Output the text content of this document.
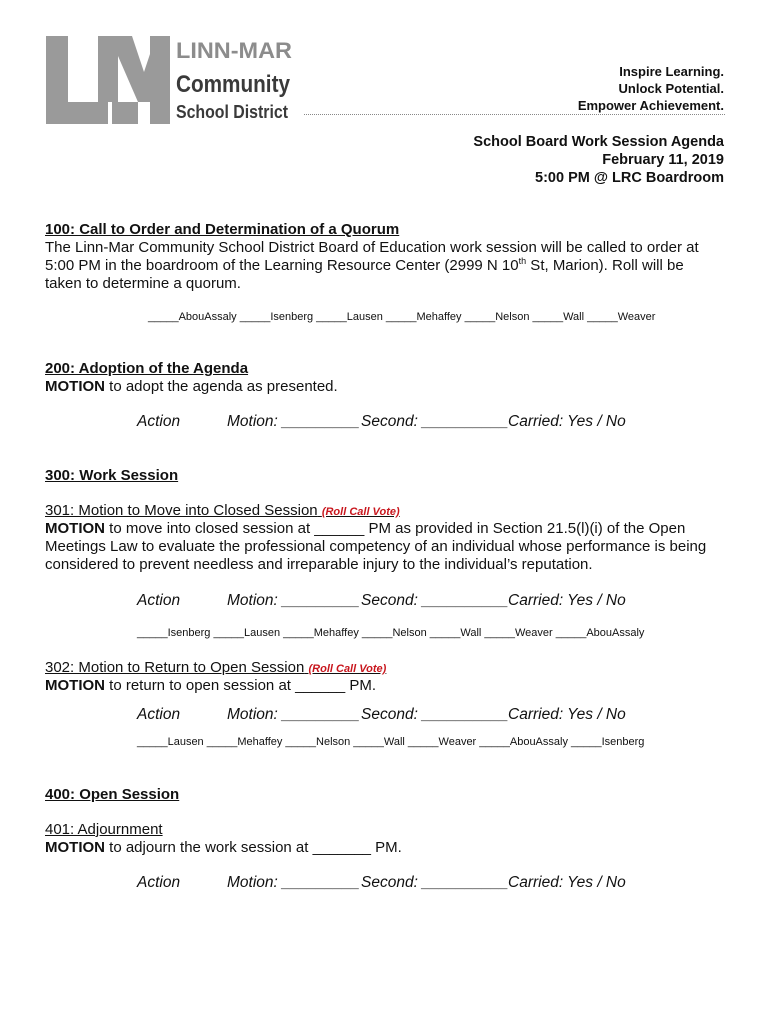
LINN-MAR
Community
School District
Inspire Learning.
Unlock Potential.
Empower Achievement.
School Board Work Session Agenda
February 11, 2019
5:00 PM @ LRC Boardroom
100: Call to Order and Determination of a Quorum
The Linn-Mar Community School District Board of Education work session will be called to order at
5:00 PM in the boardroom of the Learning Resource Center (2999 N 10th St, Marion). Roll will be
taken to determine a quorum.
_____AbouAssaly _____Isenberg _____Lausen _____Mehaffey _____Nelson _____Wall _____Weaver
200: Adoption of the Agenda
MOTION to adopt the agenda as presented.
Action	Motion: _________ Second: __________ Carried: Yes / No
300: Work Session
301: Motion to Move into Closed Session (Roll Call Vote)
MOTION to move into closed session at ______ PM as provided in Section 21.5(l)(i) of the Open
Meetings Law to evaluate the professional competency of an individual whose performance is being
considered to prevent needless and irreparable injury to the individual’s reputation.
Action	Motion: _________ Second: __________ Carried: Yes / No
_____Isenberg _____Lausen _____Mehaffey _____Nelson _____Wall _____Weaver _____AbouAssaly
302: Motion to Return to Open Session (Roll Call Vote)
MOTION to return to open session at ______ PM.
Action	Motion: _________ Second: __________ Carried: Yes / No
_____Lausen _____Mehaffey _____Nelson _____Wall _____Weaver _____AbouAssaly _____Isenberg
400: Open Session
401: Adjournment
MOTION to adjourn the work session at _______ PM.
Action	Motion: _________ Second: __________ Carried: Yes / No
